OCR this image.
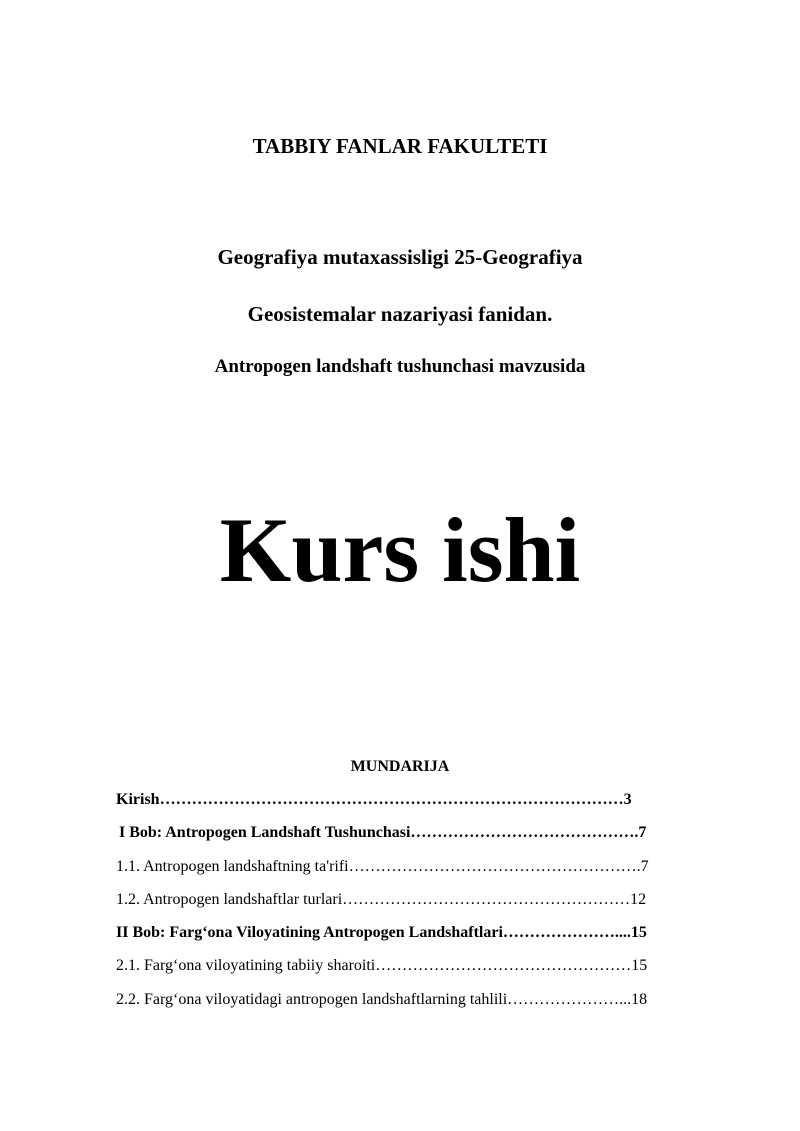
TABBIY FANLAR FAKULTETI
Geografiya mutaxassisligi 25-Geografiya
Geosistemalar nazariyasi fanidan.
Antropogen landshaft tushunchasi mavzusida
Kurs ishi
MUNDARIJA
Kirish……………………………………………………………………………3
I Bob: Antropogen Landshaft Tushunchasi…………………………………….7
1.1. Antropogen landshaftning ta'rifi……………………………………………….7
1.2. Antropogen landshaftlar turlari………………………………………………12
II Bob: Farg‘ona Viloyatining Antropogen Landshaftlari…………………....15
2.1. Farg‘ona viloyatining tabiiy sharoiti…………………………………………15
2.2. Farg‘ona viloyatidagi antropogen landshaftlarning tahlili…………………...18
